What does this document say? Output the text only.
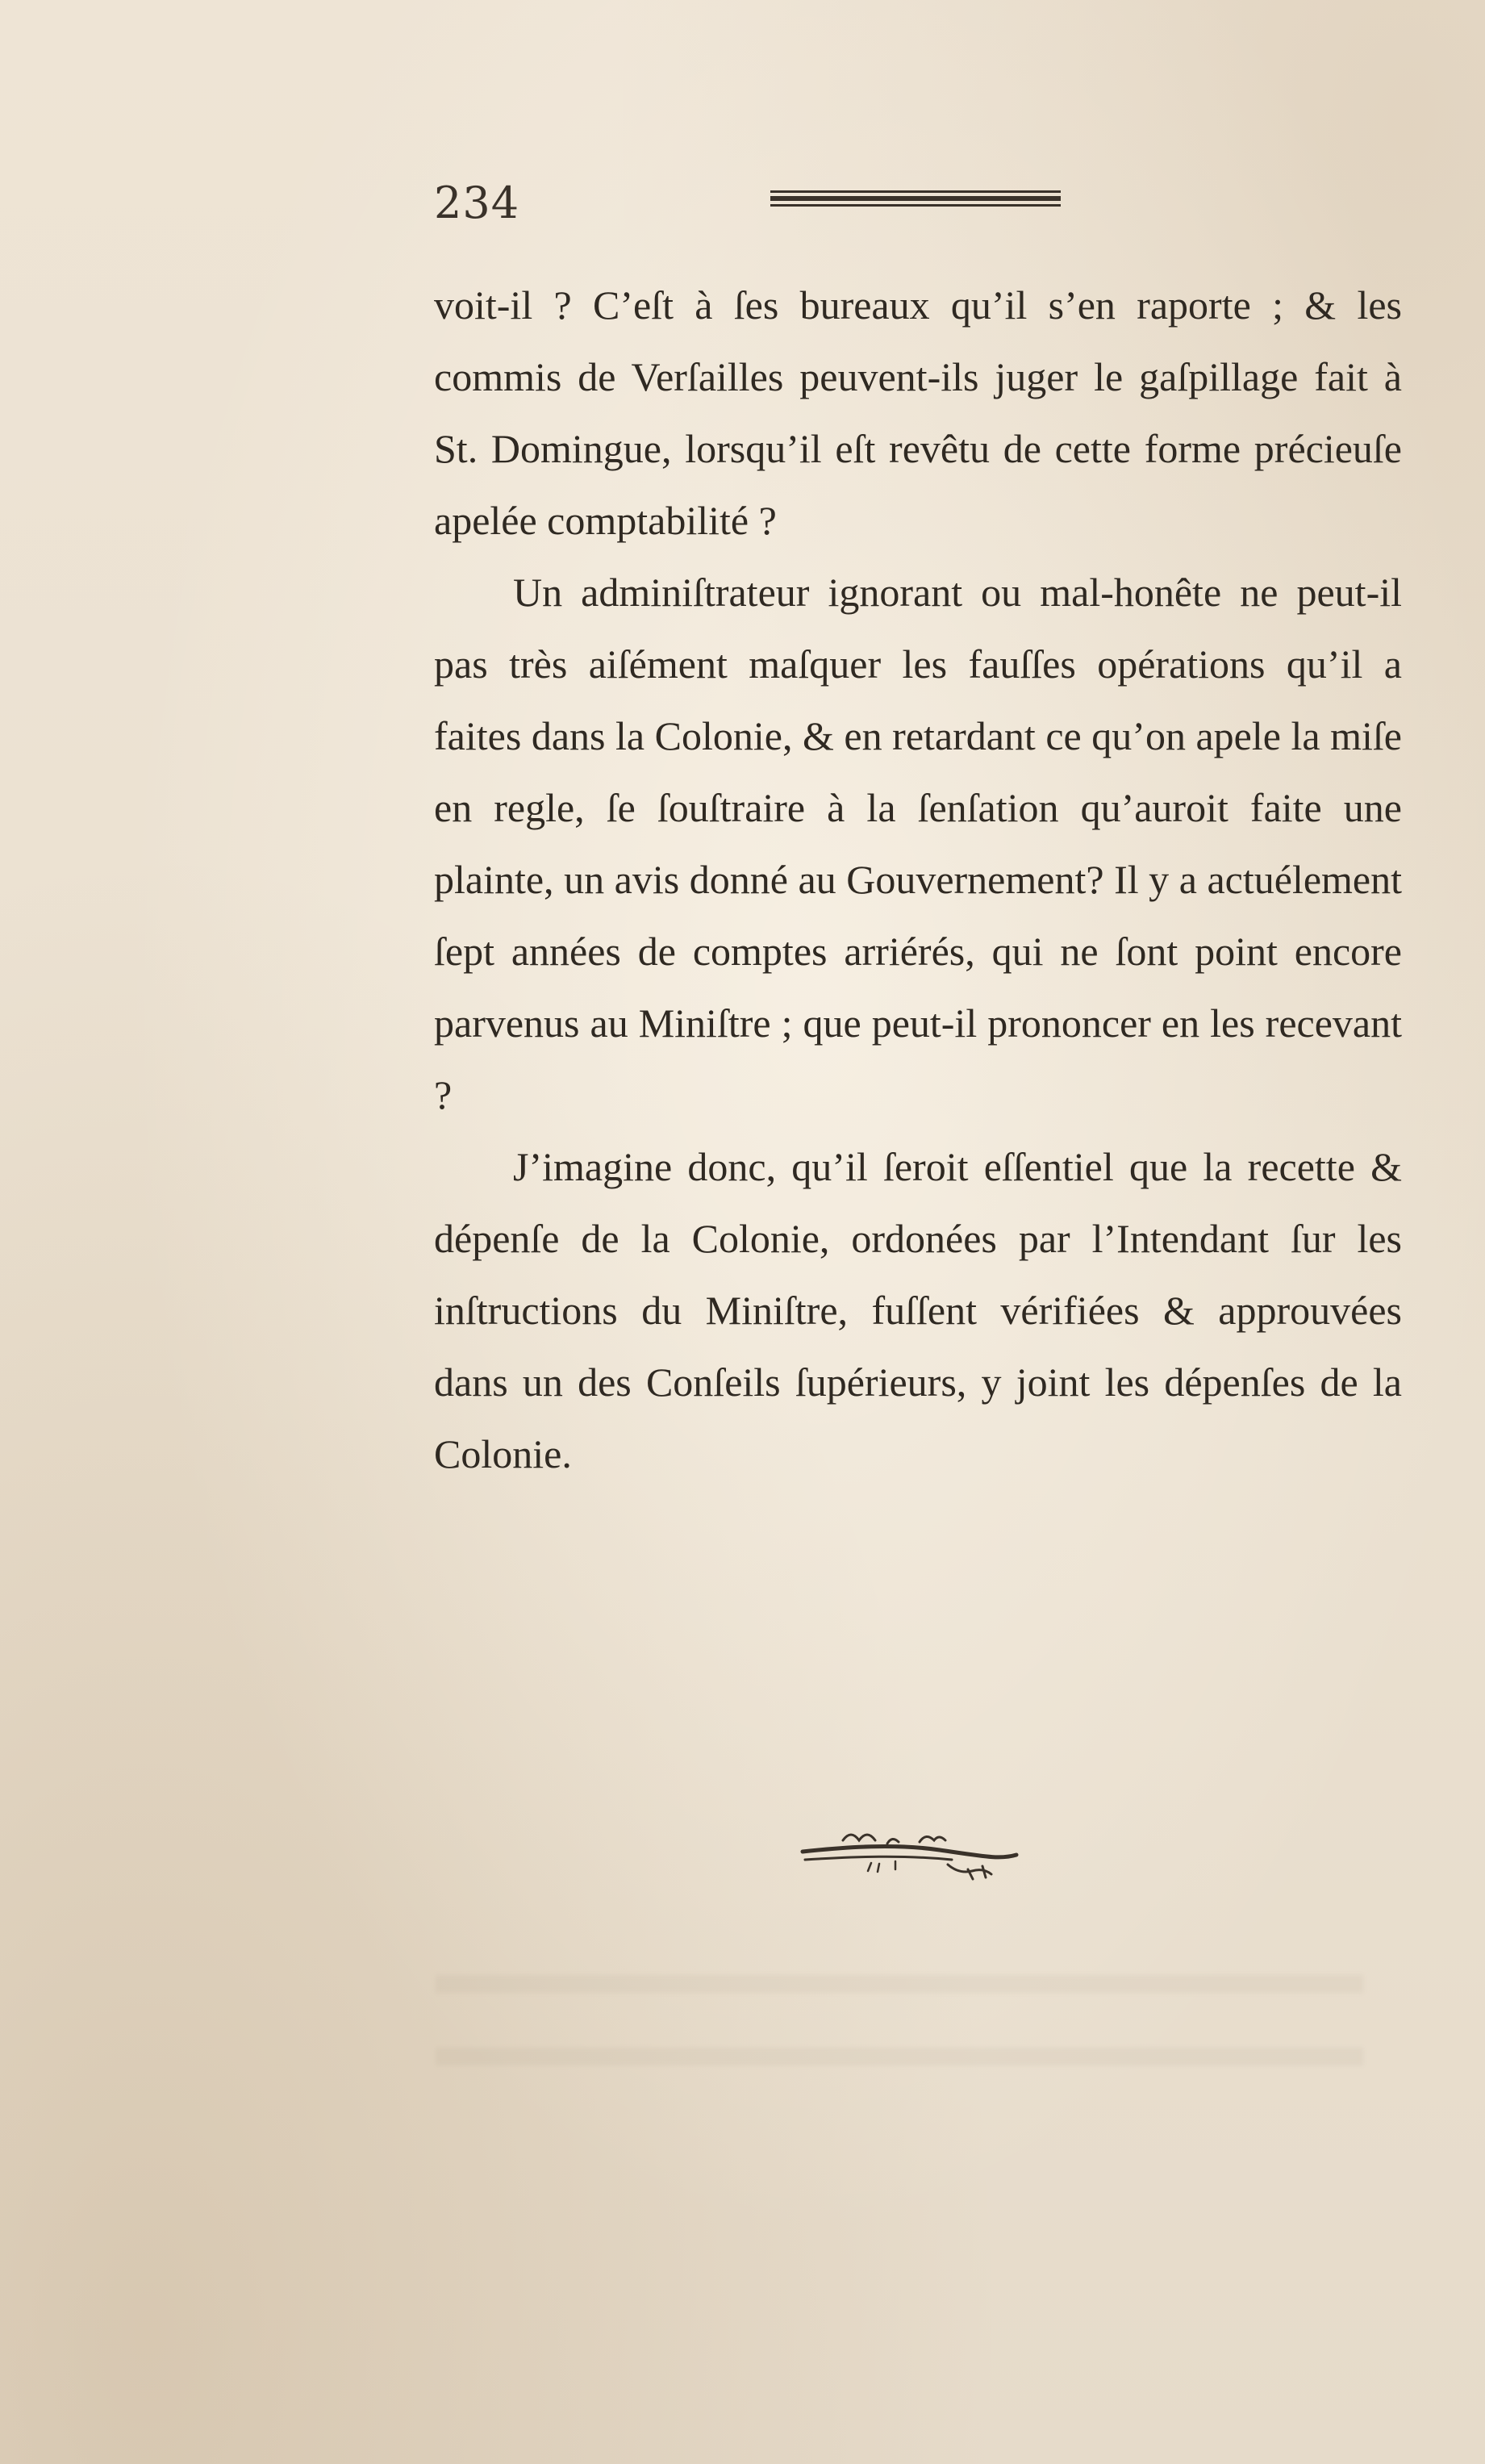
234

voit-il ? C’eſt à ſes bureaux qu’il s’en raporte ; & les commis de Verſailles peuvent-ils juger le gaſpillage fait à St. Domingue, lorsqu’il eſt revêtu de cette forme précieuſe apelée comptabilité ?

Un adminiſtrateur ignorant ou mal-honête ne peut-il pas très aiſément maſquer les fauſſes opérations qu’il a faites dans la Colonie, & en retardant ce qu’on apele la miſe en regle, ſe ſouſtraire à la ſenſation qu’auroit faite une plainte, un avis donné au Gouvernement? Il y a actuélement ſept années de comptes arriérés, qui ne ſont point encore parvenus au Miniſtre ; que peut-il prononcer en les recevant ?

J’imagine donc, qu’il ſeroit eſſentiel que la recette & dépenſe de la Colonie, ordonées par l’Intendant ſur les inſtructions du Miniſtre, fuſſent vérifiées & approuvées dans un des Conſeils ſupérieurs, y joint les dépenſes de la Colonie.
